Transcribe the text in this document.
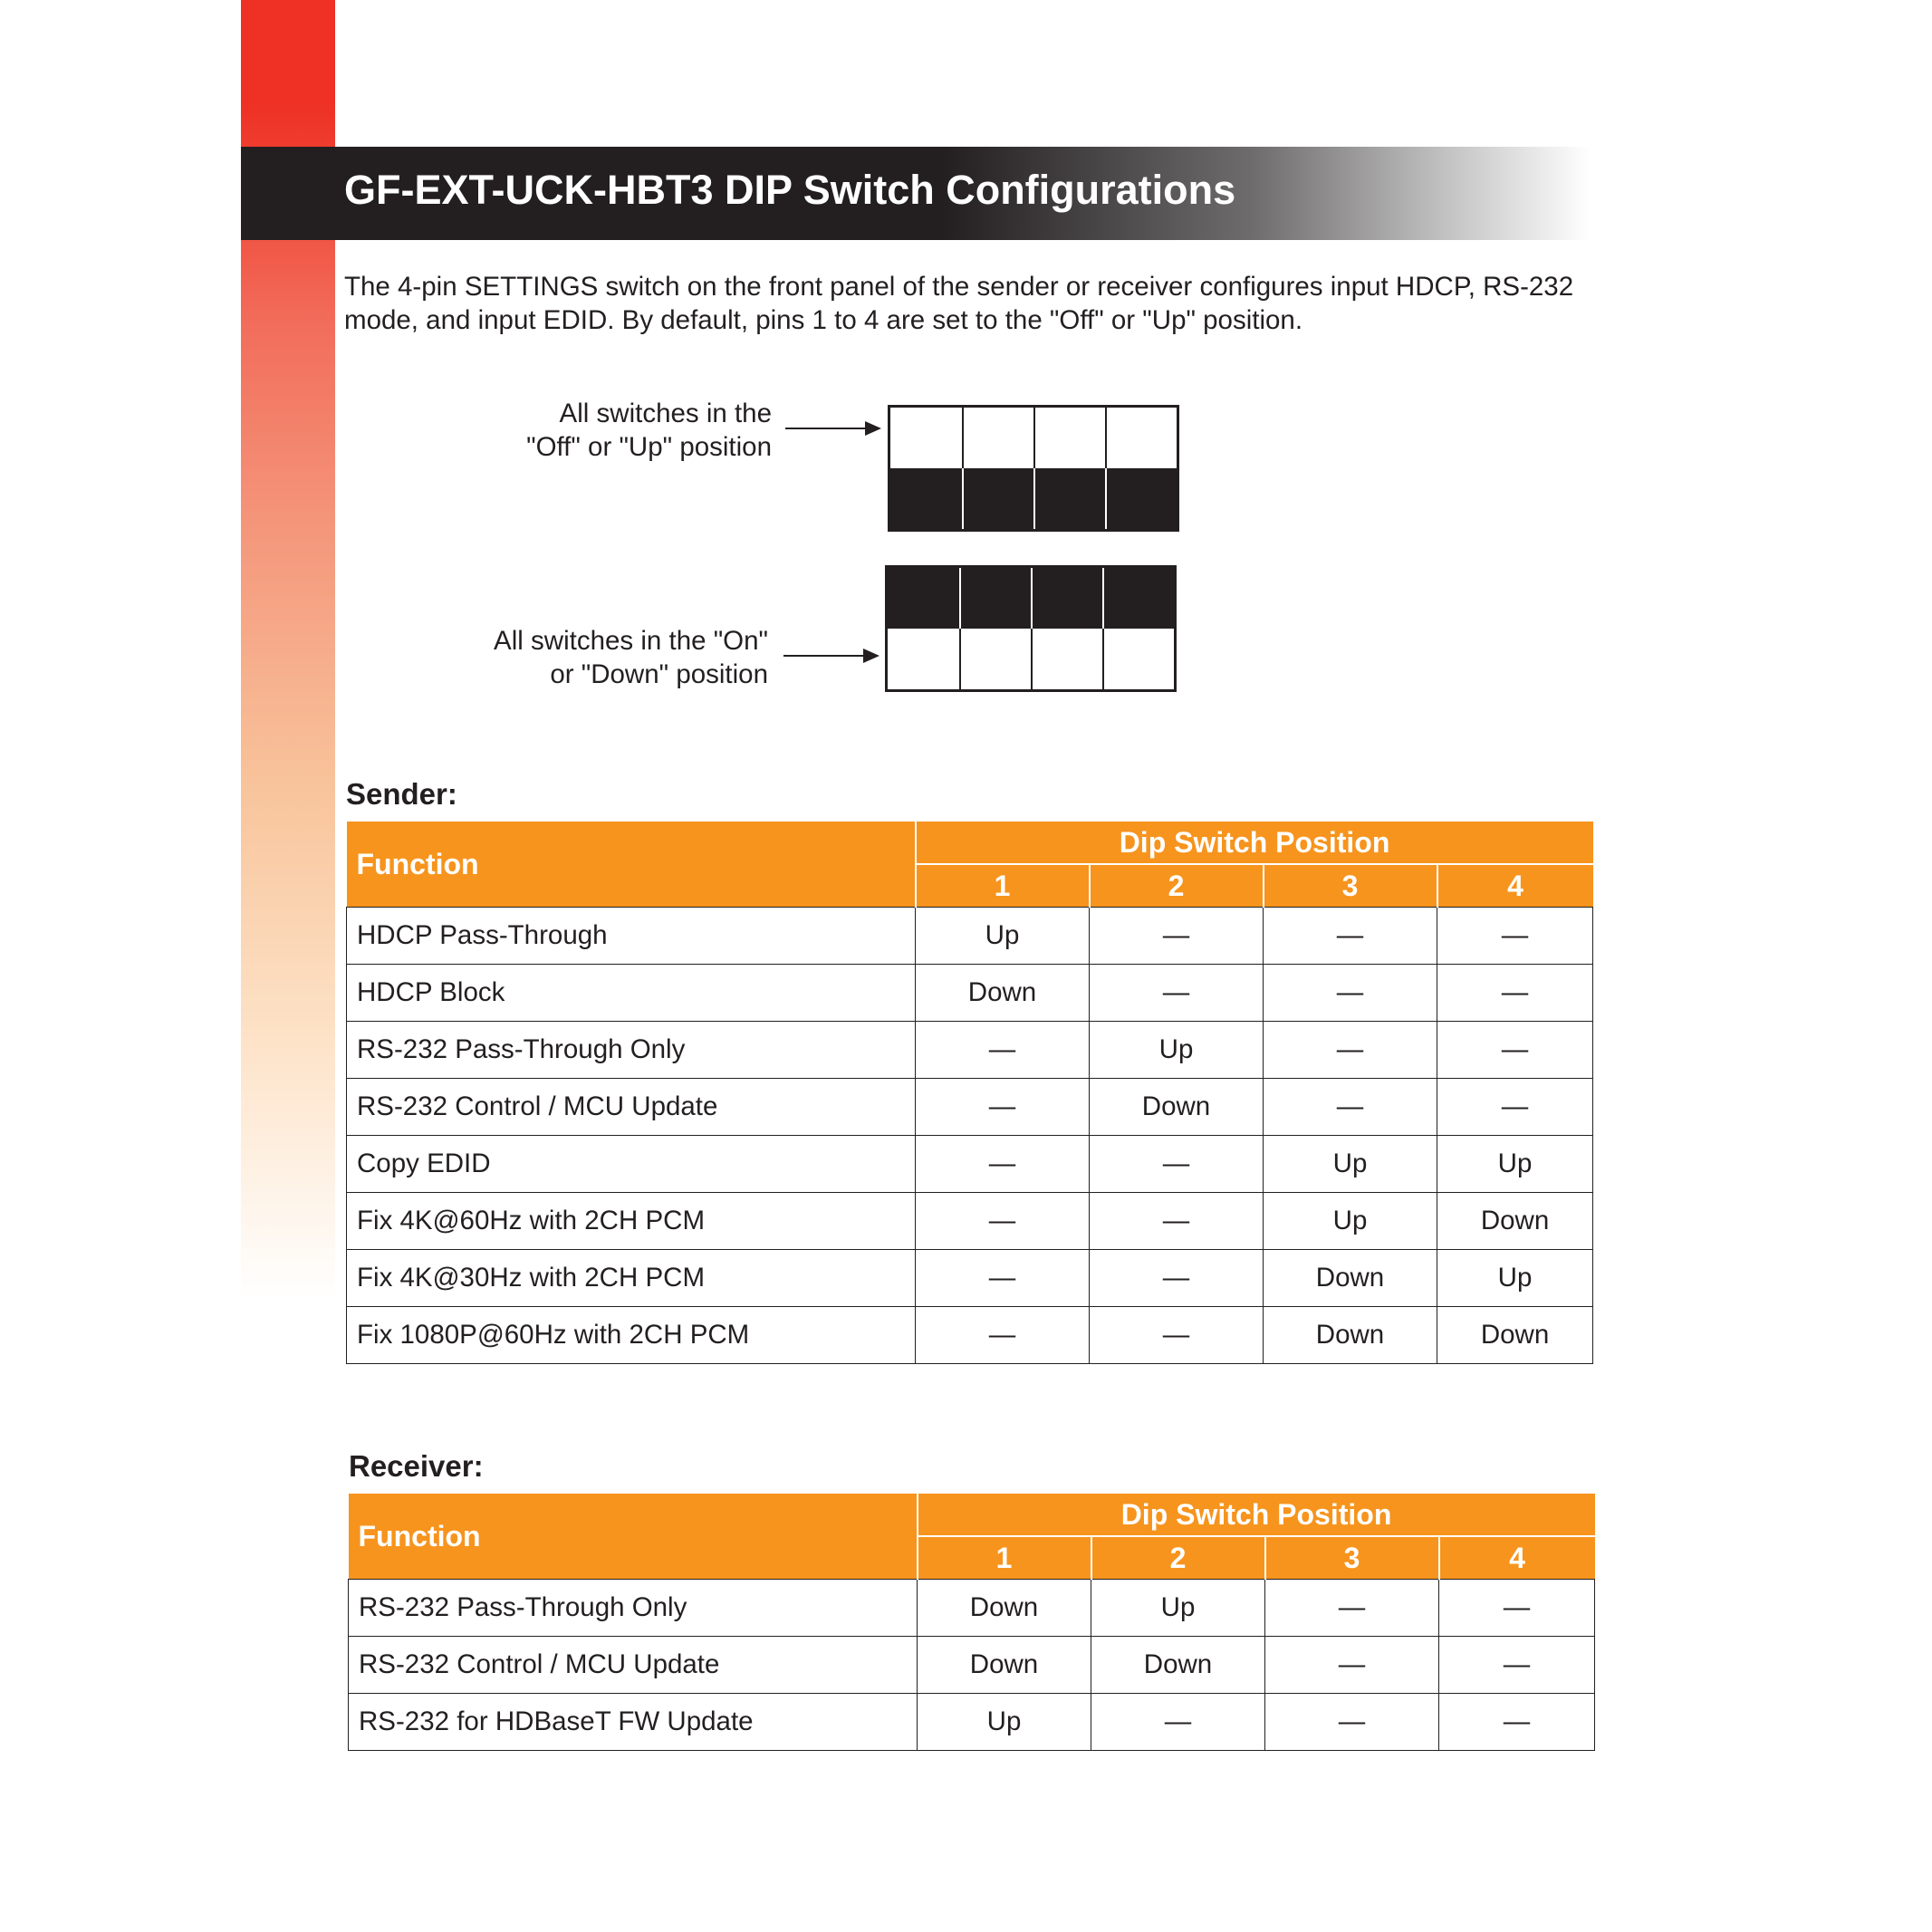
GF-EXT-UCK-HBT3 DIP Switch Configurations
The 4-pin SETTINGS switch on the front panel of the sender or receiver configures input HDCP, RS-232 mode, and input EDID. By default, pins 1 to 4 are set to the "Off" or "Up" position.
All switches in the
"Off" or "Up" position
All switches in the "On"
or "Down" position
Sender:
Function	Dip Switch Position			
	1	2	3	4
HDCP Pass-Through	Up	—	—	—
HDCP Block	Down	—	—	—
RS-232 Pass-Through Only	—	Up	—	—
RS-232 Control / MCU Update	—	Down	—	—
Copy EDID	—	—	Up	Up
Fix 4K@60Hz with 2CH PCM	—	—	Up	Down
Fix 4K@30Hz with 2CH PCM	—	—	Down	Up
Fix 1080P@60Hz with 2CH PCM	—	—	Down	Down
Receiver:
Function	Dip Switch Position			
	1	2	3	4
RS-232 Pass-Through Only	Down	Up	—	—
RS-232 Control / MCU Update	Down	Down	—	—
RS-232 for HDBaseT FW Update	Up	—	—	—
